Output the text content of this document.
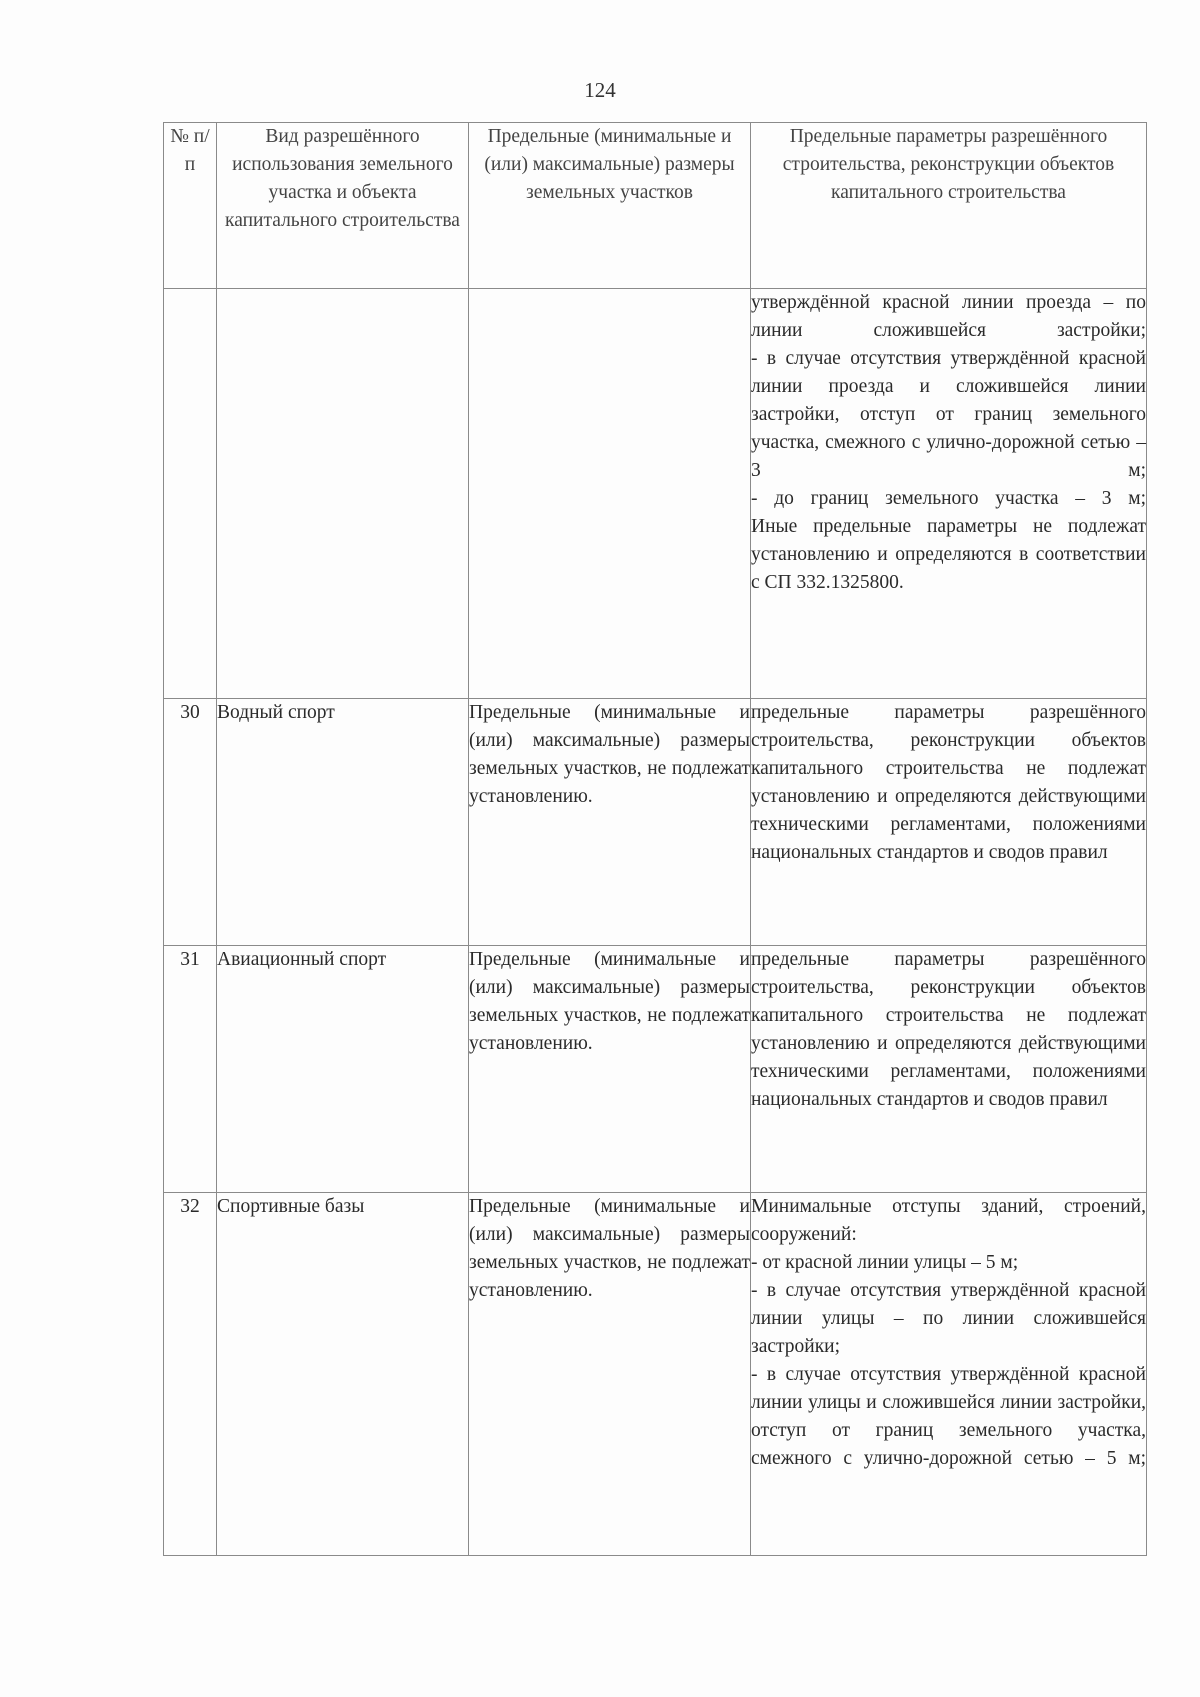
124
№ п/п	Вид разрешённого использования земельного участка и объекта капитального строительства	Предельные (минимальные и (или) максимальные) размеры земельных участков	Предельные параметры разрешённого строительства, реконструкции объектов капитального строительства

			утверждённой красной линии проезда – по линии сложившейся застройки;
- в случае отсутствия утверждённой красной линии проезда и сложившейся линии застройки, отступ от границ земельного участка, смежного с улично-дорожной сетью – 3 м;
- до границ земельного участка – 3 м;
Иные предельные параметры не подлежат установлению и определяются в соответствии с СП 332.1325800.

30	Водный спорт	Предельные (минимальные и (или) максимальные) размеры земельных участков, не подлежат установлению.	предельные параметры разрешённого строительства, реконструкции объектов капитального строительства не подлежат установлению и определяются действующими техническими регламентами, положениями национальных стандартов и сводов правил

31	Авиационный спорт	Предельные (минимальные и (или) максимальные) размеры земельных участков, не подлежат установлению.	предельные параметры разрешённого строительства, реконструкции объектов капитального строительства не подлежат установлению и определяются действующими техническими регламентами, положениями национальных стандартов и сводов правил

32	Спортивные базы	Предельные (минимальные и (или) максимальные) размеры земельных участков, не подлежат установлению.	Минимальные отступы зданий, строений, сооружений:
- от красной линии улицы – 5 м;
- в случае отсутствия утверждённой красной линии улицы – по линии сложившейся застройки;
- в случае отсутствия утверждённой красной линии улицы и сложившейся линии застройки, отступ от границ земельного участка, смежного с улично-дорожной сетью – 5 м;
